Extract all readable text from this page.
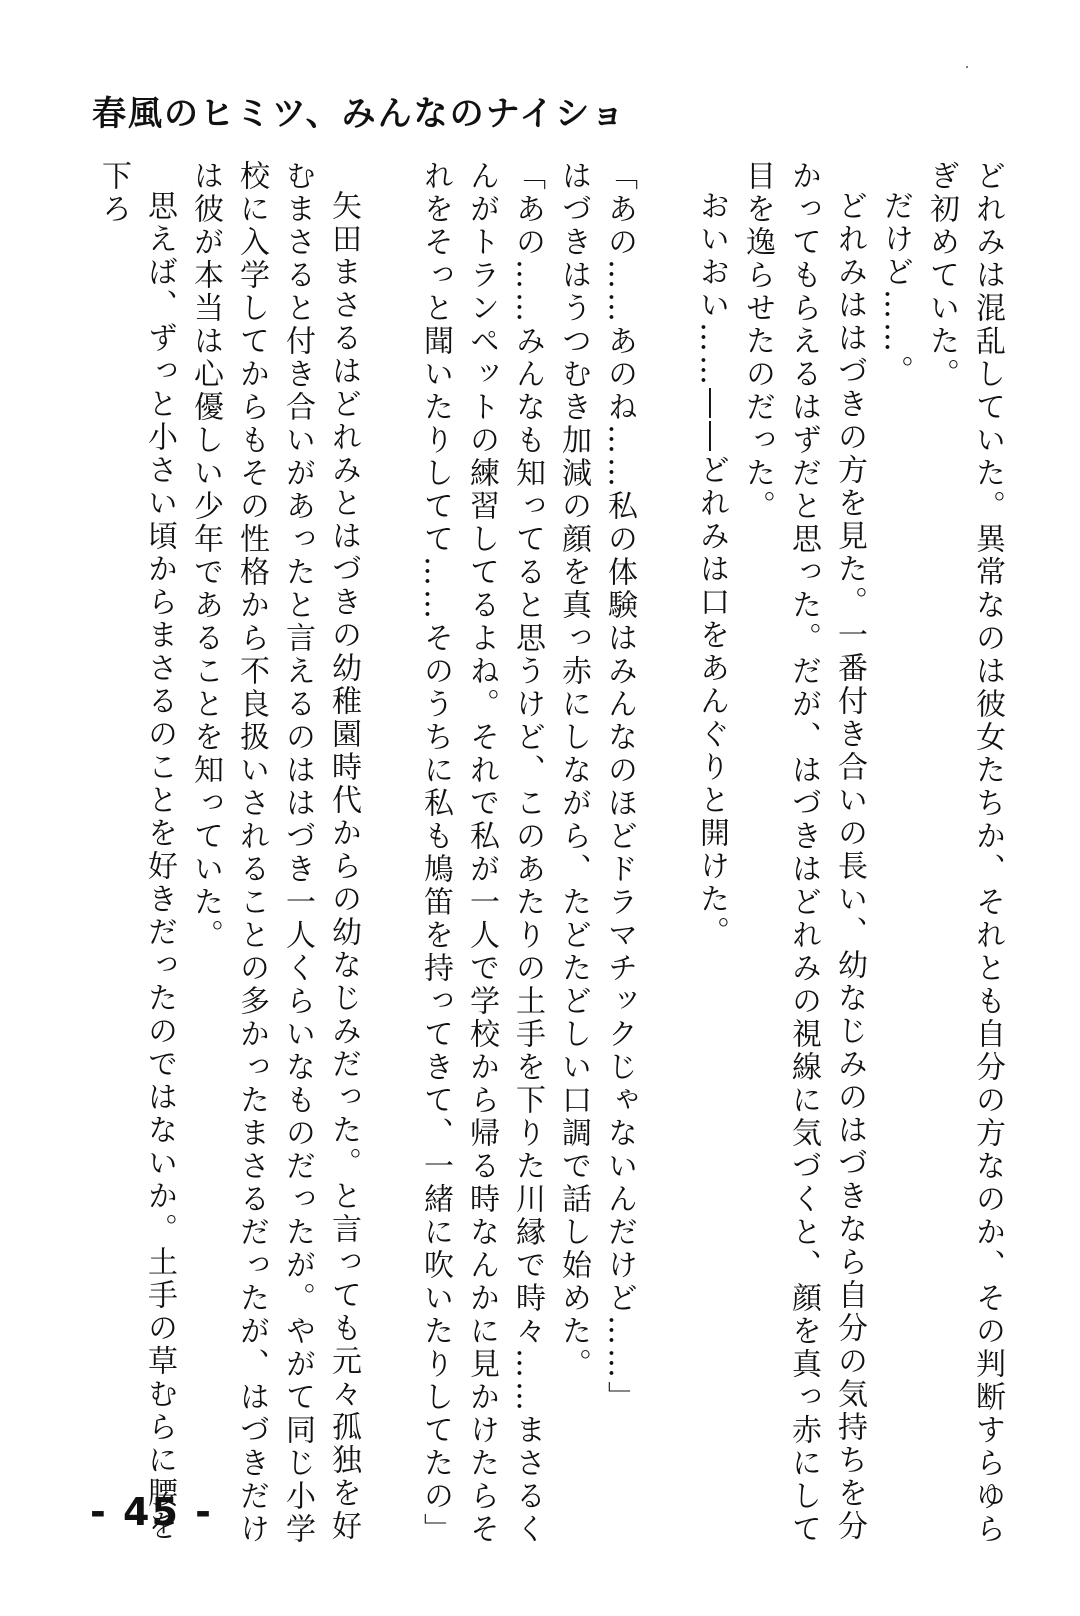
春風のヒミツ、みんなのナイショ

どれみは混乱していた。異常なのは彼女たちか、それとも自分の方なのか、その判断すらゆらぎ初めていた。

だけど……。

どれみははづきの方を見た。一番付き合いの長い、幼なじみのはづきなら自分の気持ちを分かってもらえるはずだと思った。だが、はづきはどれみの視線に気づくと、顔を真っ赤にして目を逸らせたのだった。

おいおい……――どれみは口をあんぐりと開けた。

「あの……あのね……私の体験はみんなのほどドラマチックじゃないんだけど……」

はづきはうつむき加減の顔を真っ赤にしながら、たどたどしい口調で話し始めた。

「あの……みんなも知ってると思うけど、このあたりの土手を下りた川縁で時々……まさるくんがトランペットの練習してるよね。それで私が一人で学校から帰る時なんかに見かけたらそれをそっと聞いたりしてて……そのうちに私も鳩笛を持ってきて、一緒に吹いたりしてたの」

矢田まさるはどれみとはづきの幼稚園時代からの幼なじみだった。と言っても元々孤独を好むまさると付き合いがあったと言えるのははづき一人くらいなものだったが。やがて同じ小学校に入学してからもその性格から不良扱いされることの多かったまさるだったが、はづきだけは彼が本当は心優しい少年であることを知っていた。

思えば、ずっと小さい頃からまさるのことを好きだったのではないか。土手の草むらに腰を下ろ

- 45 -
